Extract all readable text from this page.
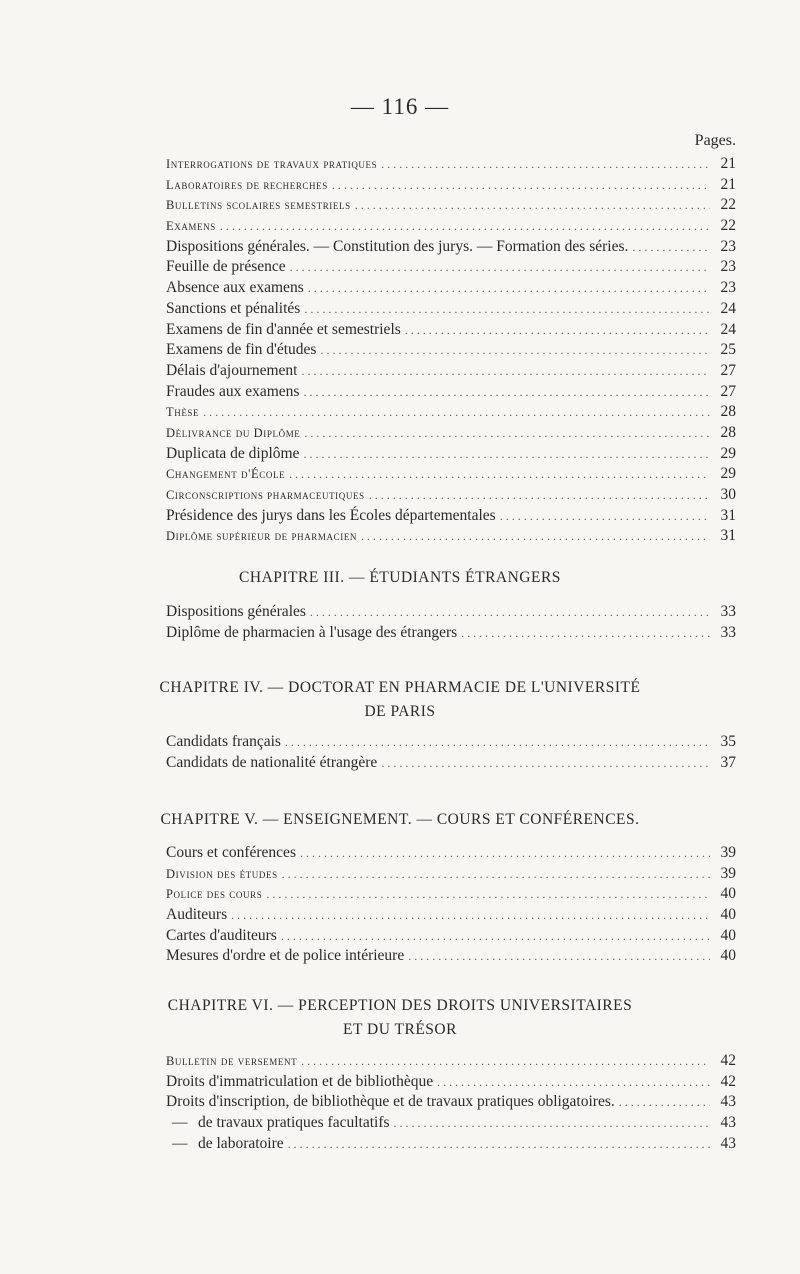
— 116 —
Pages.
Interrogations de travaux pratiques . . .	21
Laboratoires de recherches . . .	21
Bulletins scolaires semestriels . . .	22
Examens . . .	22
Dispositions générales. — Constitution des jurys. — Formation des séries. . . .	23
Feuille de présence . . .	23
Absence aux examens . . .	23
Sanctions et pénalités . . .	24
Examens de fin d'année et semestriels . . .	24
Examens de fin d'études . . .	25
Délais d'ajournement . . .	27
Fraudes aux examens . . .	27
Thèse . . .	28
Délivrance du Diplôme . . .	28
Duplicata de diplôme . . .	29
Changement d'École . . .	29
Circonscriptions pharmaceutiques . . .	30
Présidence des jurys dans les Écoles départementales . . .	31
Diplôme supérieur de pharmacien . . .	31
CHAPITRE III. — ÉTUDIANTS ÉTRANGERS
Dispositions générales . . .	33
Diplôme de pharmacien à l'usage des étrangers . . .	33
CHAPITRE IV. — DOCTORAT EN PHARMACIE DE L'UNIVERSITÉ
DE PARIS
Candidats français . . .	35
Candidats de nationalité étrangère . . .	37
CHAPITRE V. — ENSEIGNEMENT. — COURS ET CONFÉRENCES.
Cours et conférences . . .	39
Division des études . . .	39
Police des cours . . .	40
Auditeurs . . .	40
Cartes d'auditeurs . . .	40
Mesures d'ordre et de police intérieure . . .	40
CHAPITRE VI. — PERCEPTION DES DROITS UNIVERSITAIRES
ET DU TRÉSOR
Bulletin de versement . . .	42
Droits d'immatriculation et de bibliothèque . . .	42
Droits d'inscription, de bibliothèque et de travaux pratiques obligatoires. . . .	43
— de travaux pratiques facultatifs . . .	43
— de laboratoire . . .	43
